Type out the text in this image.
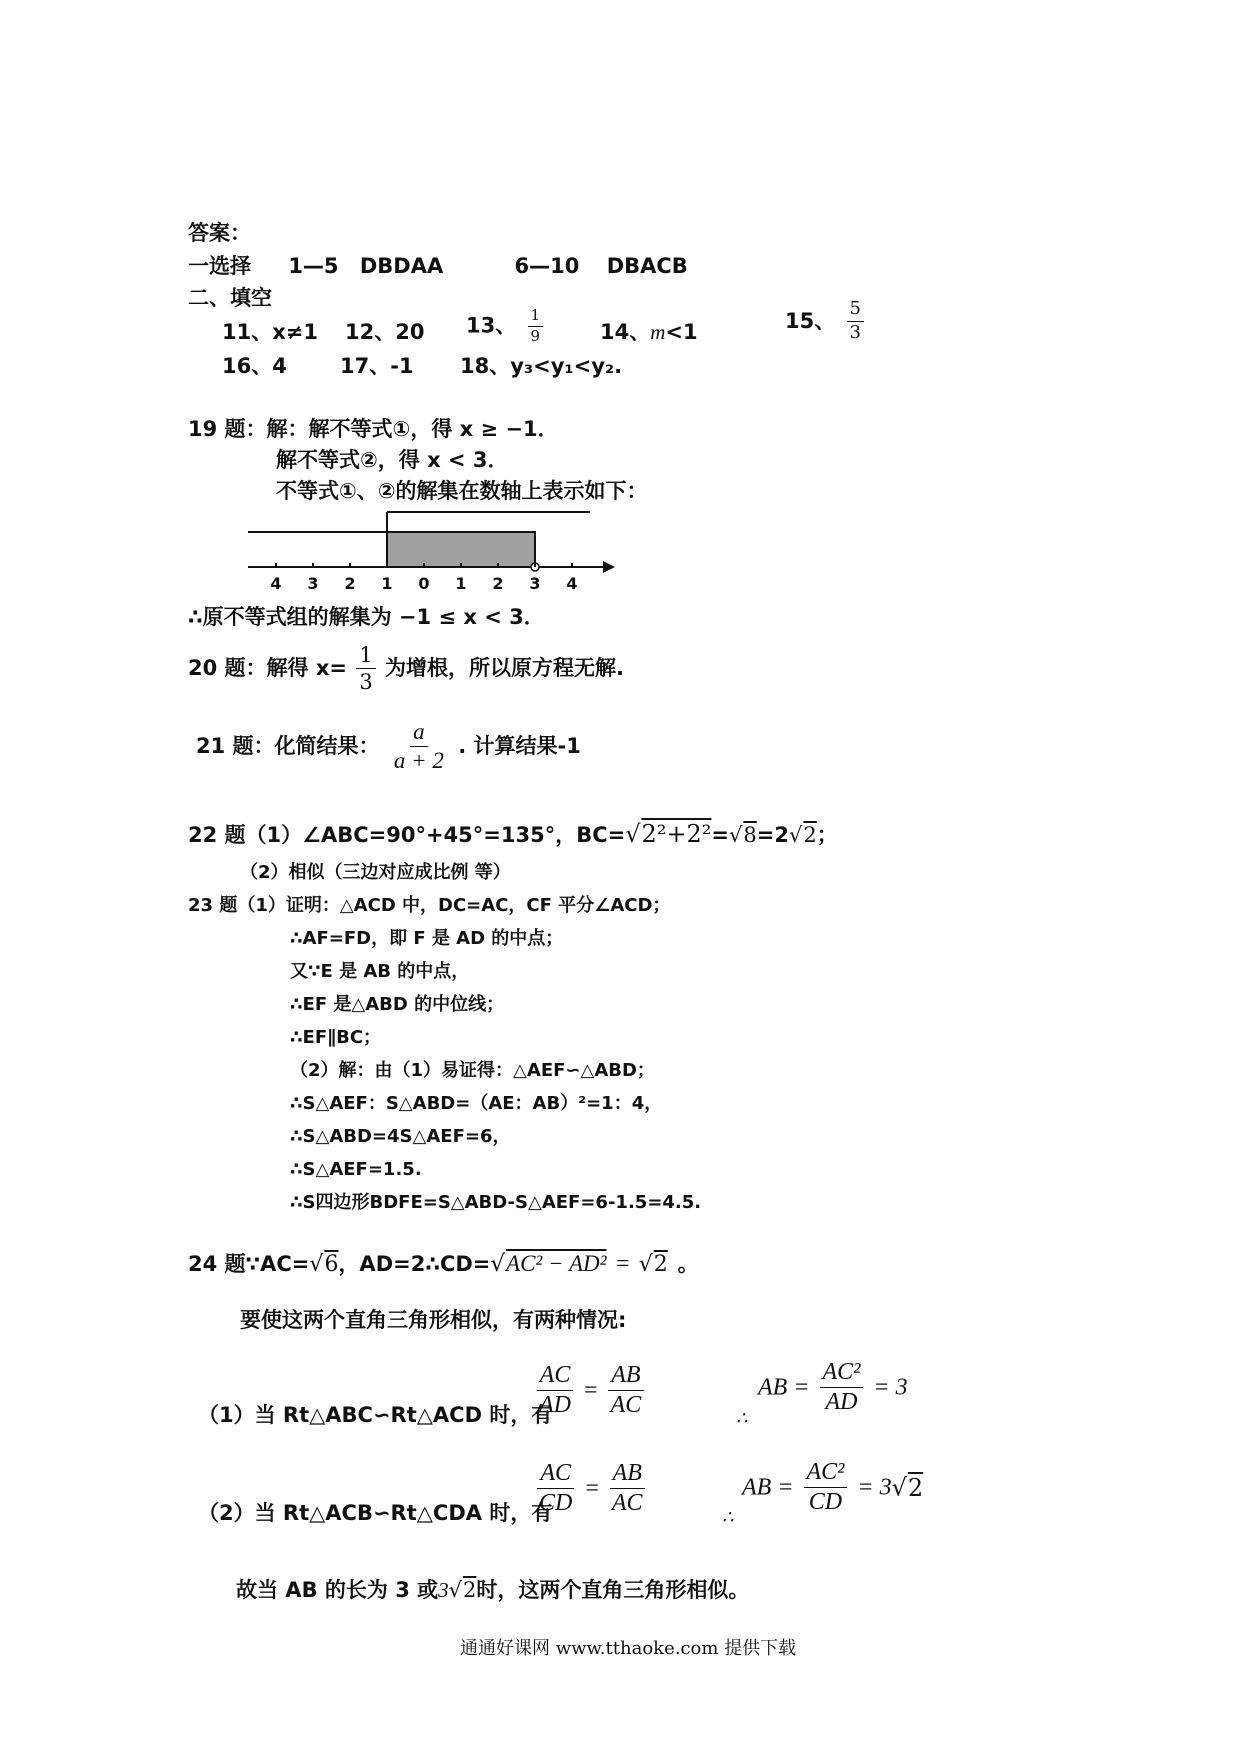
答案：
一选择 1—5 DBDAA	6—10 DBACB
二、填空
11、x≠1 12、20 13、 $\frac{1}{9}$	14、m<1	15、 $\frac{5}{3}$
16、4	17、-1 18、y₃<y₁<y₂.
19 题：解：解不等式①，得 x ≥ −1．
解不等式②，得 x < 3．
不等式①、②的解集在数轴上表示如下：
4 3 2 1 0 1 2 3 4
∴原不等式组的解集为 −1 ≤ x < 3．
20 题：解得 $x= \frac{1}{3}$ 为增根，所以原方程无解.
21 题：化简结果： $\frac{a}{a + 2}$ . 计算结果-1
22 题（1）∠ABC=90°+45°=135°，BC=√2²+2²=√8=2√2；
（2）相似（三边对应成比例 等）
23 题（1）证明：△ACD 中，DC=AC，CF 平分∠ACD；
∴AF=FD，即 F 是 AD 的中点；
又∵E 是 AB 的中点，
∴EF 是△ABD 的中位线；
∴EF∥BC；
（2）解：由（1）易证得：△AEF∽△ABD；
∴S△AEF：S△ABD=（AE：AB）²=1：4，
∴S△ABD=4S△AEF=6，
∴S△AEF=1.5.
∴S四边形BDFE=S△ABD-S△AEF=6-1.5=4.5.
24 题∵AC=√6，AD=2∴CD=√AC² − AD² = √2 。
要使这两个直角三角形相似，有两种情况:
（1）当 Rt△ABC∽Rt△ACD 时，有
$\frac{AC}{AD} = \frac{AB}{AC}$	∴
AB = $\frac{\text{AC²}}{AD} = 3$
（2）当 Rt△ACB∽Rt△CDA 时，有
$\frac{AC}{CD} = \frac{AB}{AC}$
∴
AB = $\frac{\text{AC²}}{CD} = 3√2$
故当 AB 的长为 3 或3√2时，这两个直角三角形相似。
通通好课网 www.tthaoke.com 提供下载
